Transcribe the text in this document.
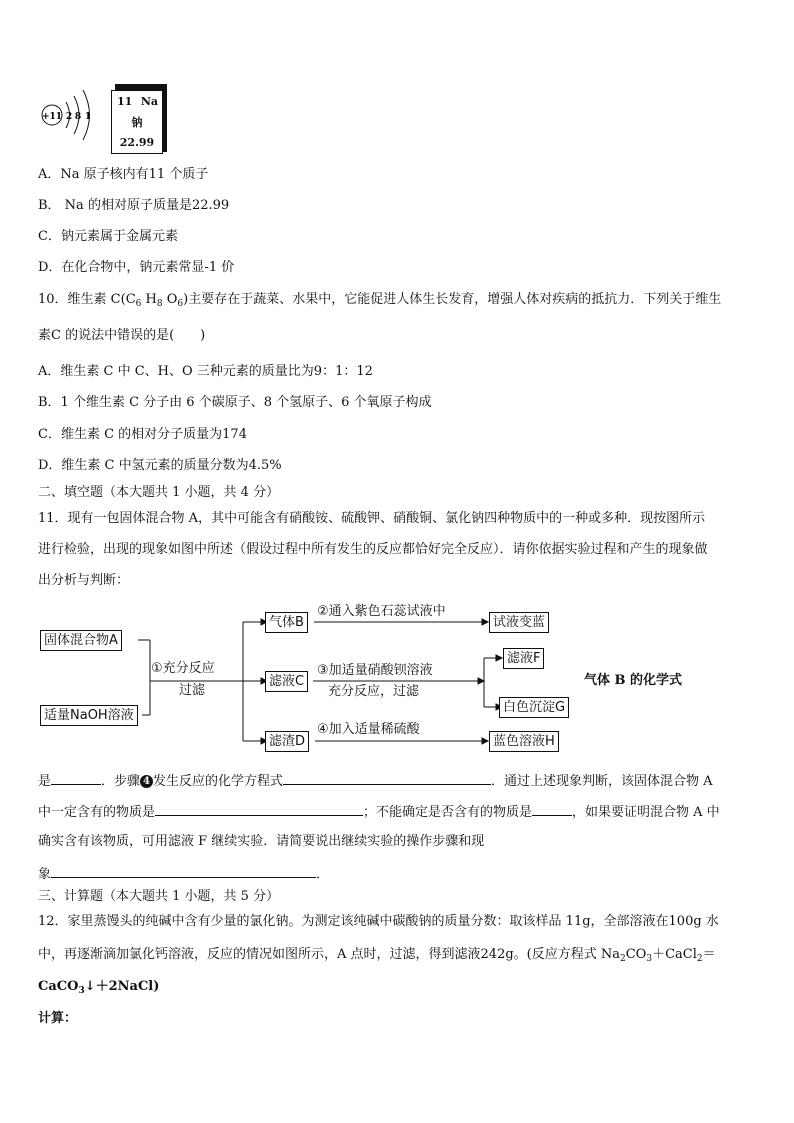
+11 2 8 1
11 Na
钠
22.99
A．Na 原子核内有11 个质子
B． Na 的相对原子质量是22.99
C．钠元素属于金属元素
D．在化合物中，钠元素常显-1 价
10．维生素 $C(C_6$ $H_8$ $O_6$)主要存在于蔬菜、水果中，它能促进人体生长发育，增强人体对疾病的抵抗力．下列关于维生
素C 的说法中错误的是(　　)
A．维生素 C 中 C、H、O 三种元素的质量比为9：1：12
B．1 个维生素 C 分子由 6 个碳原子、8 个氢原子、6 个氧原子构成
C．维生素 C 的相对分子质量为174
D．维生素 C 中氢元素的质量分数为4.5%
二、填空题（本大题共 1 小题，共 4 分）
11．现有一包固体混合物 A，其中可能含有硝酸铵、硫酸钾、硝酸铜、氯化钠四种物质中的一种或多种．现按图所示
进行检验，出现的现象如图中所述（假设过程中所有发生的反应都恰好完全反应）．请你依据实验过程和产生的现象做
出分析与判断：
固体混合物A
适量NaOH溶液
①充分反应
过滤
气体B
②通入紫色石蕊试液中
试液变蓝
滤液C
③加适量硝酸钡溶液
充分反应，过滤
滤液F
白色沉淀G
滤渣D
④加入适量稀硫酸
蓝色溶液H
气体 B 的化学式
是	．步骤 4 发生反应的化学方程式	．通过上述现象判断，该固体混合物 A
中一定含有的物质是	；不能确定是否含有的物质是	，如果要证明混合物 A 中
确实含有该物质，可用滤液 F 继续实验．请简要说出继续实验的操作步骤和现
象	．
三、计算题（本大题共 1 小题，共 5 分）
12．家里蒸馒头的纯碱中含有少量的氯化钠。为测定该纯碱中碳酸钠的质量分数：取该样品 11g，全部溶液在100g 水
中，再逐渐滴加氯化钙溶液，反应的情况如图所示，A 点时，过滤，得到滤液242g。(反应方程式 $Na_2CO_3+CaCl_2=$
CaCO$_3$↓＋2NaCl)
计算：
